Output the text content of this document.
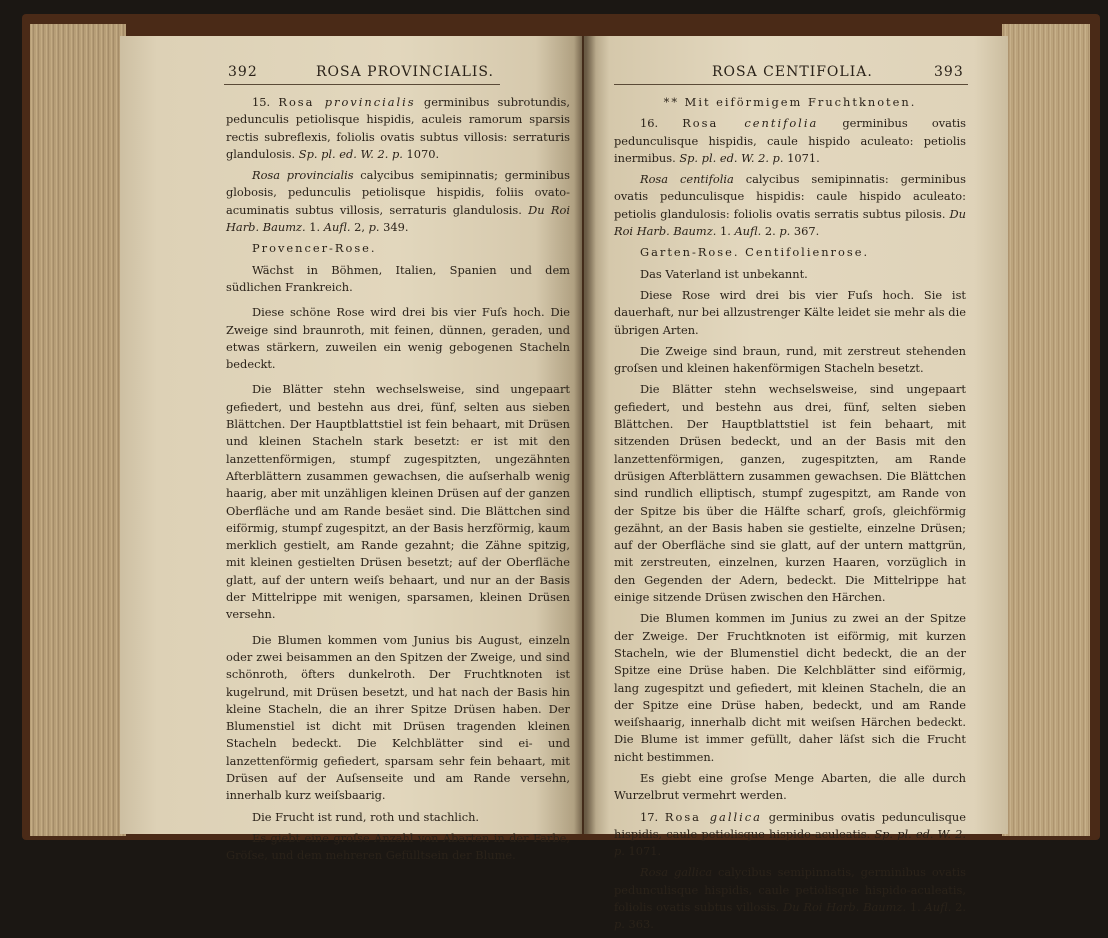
392	ROSA PROVINCIALIS.

15. Rosa provincialis germinibus subrotundis, pedunculis petiolisque hispidis, aculeis ramorum sparsis rectis subreflexis, foliolis ovatis subtus villosis: serraturis glandulosis. Sp. pl. ed. W. 2. p. 1070.

Rosa provincialis calycibus semipinnatis; germinibus globosis, pedunculis petiolisque hispidis, foliis ovato-acuminatis subtus villosis, serraturis glandulosis. Du Roi Harb. Baumz. 1. Aufl. 2, p. 349.

Provencer-Rose.

Wächst in Böhmen, Italien, Spanien und dem südlichen Frankreich.

Diese schöne Rose wird drei bis vier Fuſs hoch. Die Zweige sind braunroth, mit feinen, dünnen, geraden, und etwas stärkern, zuweilen ein wenig gebogenen Stacheln bedeckt.

Die Blätter stehn wechselsweise, sind ungepaart gefiedert, und bestehn aus drei, fünf, selten aus sieben Blättchen. Der Hauptblattstiel ist fein behaart, mit Drüsen und kleinen Stacheln stark besetzt: er ist mit den lanzettenförmigen, stumpf zugespitzten, ungezähnten Afterblättern zusammen gewachsen, die auſserhalb wenig haarig, aber mit unzähligen kleinen Drüsen auf der ganzen Oberfläche und am Rande besäet sind. Die Blättchen sind eiförmig, stumpf zugespitzt, an der Basis herzförmig, kaum merklich gestielt, am Rande gezahnt; die Zähne spitzig, mit kleinen gestielten Drüsen besetzt; auf der Oberfläche glatt, auf der untern weiſs behaart, und nur an der Basis der Mittelrippe mit wenigen, sparsamen, kleinen Drüsen versehn.

Die Blumen kommen vom Junius bis August, einzeln oder zwei beisammen an den Spitzen der Zweige, und sind schönroth, öfters dunkelroth. Der Fruchtknoten ist kugelrund, mit Drüsen besetzt, und hat nach der Basis hin kleine Stacheln, die an ihrer Spitze Drüsen haben. Der Blumenstiel ist dicht mit Drüsen tragenden kleinen Stacheln bedeckt. Die Kelchblätter sind ei- und lanzettenförmig gefiedert, sparsam sehr fein behaart, mit Drüsen auf der Auſsenseite und am Rande versehn, innerhalb kurz weiſsbaarig.

Die Frucht ist rund, roth und stachlich.

Es giebt eine groſse Anzahl von Abarten in der Farbe, Gröſse, und dem mehreren Gefülltsein der Blume.

ROSA CENTIFOLIA.	393

** Mit eiförmigem Fruchtknoten.

16. Rosa centifolia germinibus ovatis pedunculisque hispidis, caule hispido aculeato: petiolis inermibus. Sp. pl. ed. W. 2. p. 1071.

Rosa centifolia calycibus semipinnatis: germinibus ovatis pedunculisque hispidis: caule hispido aculeato: petiolis glandulosis: foliolis ovatis serratis subtus pilosis. Du Roi Harb. Baumz. 1. Aufl. 2. p. 367.

Garten-Rose. Centifolienrose.

Das Vaterland ist unbekannt.

Diese Rose wird drei bis vier Fuſs hoch. Sie ist dauerhaft, nur bei allzustrenger Kälte leidet sie mehr als die übrigen Arten.

Die Zweige sind braun, rund, mit zerstreut stehenden groſsen und kleinen hakenförmigen Stacheln besetzt.

Die Blätter stehn wechselsweise, sind ungepaart gefiedert, und bestehn aus drei, fünf, selten sieben Blättchen. Der Hauptblattstiel ist fein behaart, mit sitzenden Drüsen bedeckt, und an der Basis mit den lanzettenförmigen, ganzen, zugespitzten, am Rande drüsigen Afterblättern zusammen gewachsen. Die Blättchen sind rundlich elliptisch, stumpf zugespitzt, am Rande von der Spitze bis über die Hälfte scharf, groſs, gleichförmig gezähnt, an der Basis haben sie gestielte, einzelne Drüsen; auf der Oberfläche sind sie glatt, auf der untern mattgrün, mit zerstreuten, einzelnen, kurzen Haaren, vorzüglich in den Gegenden der Adern, bedeckt. Die Mittelrippe hat einige sitzende Drüsen zwischen den Härchen.

Die Blumen kommen im Junius zu zwei an der Spitze der Zweige. Der Fruchtknoten ist eiförmig, mit kurzen Stacheln, wie der Blumenstiel dicht bedeckt, die an der Spitze eine Drüse haben. Die Kelchblätter sind eiförmig, lang zugespitzt und gefiedert, mit kleinen Stacheln, die an der Spitze eine Drüse haben, bedeckt, und am Rande weiſshaarig, innerhalb dicht mit weiſsen Härchen bedeckt. Die Blume ist immer gefüllt, daher läſst sich die Frucht nicht bestimmen.

Es giebt eine groſse Menge Abarten, die alle durch Wurzelbrut vermehrt werden.

17. Rosa gallica germinibus ovatis pedunculisque hispidis, caule petiolisque hispido-aculeatis. Sp. pl. ed. W. 2. p. 1071.

Rosa gallica calycibus semipinnatis, germinibus ovatis pedunculisque hispidis, caule petiolisque hispido-aculeatis, foliolis ovatis subtus villosis. Du Roi Harb. Baumz. 1. Aufl. 2. p. 363.
